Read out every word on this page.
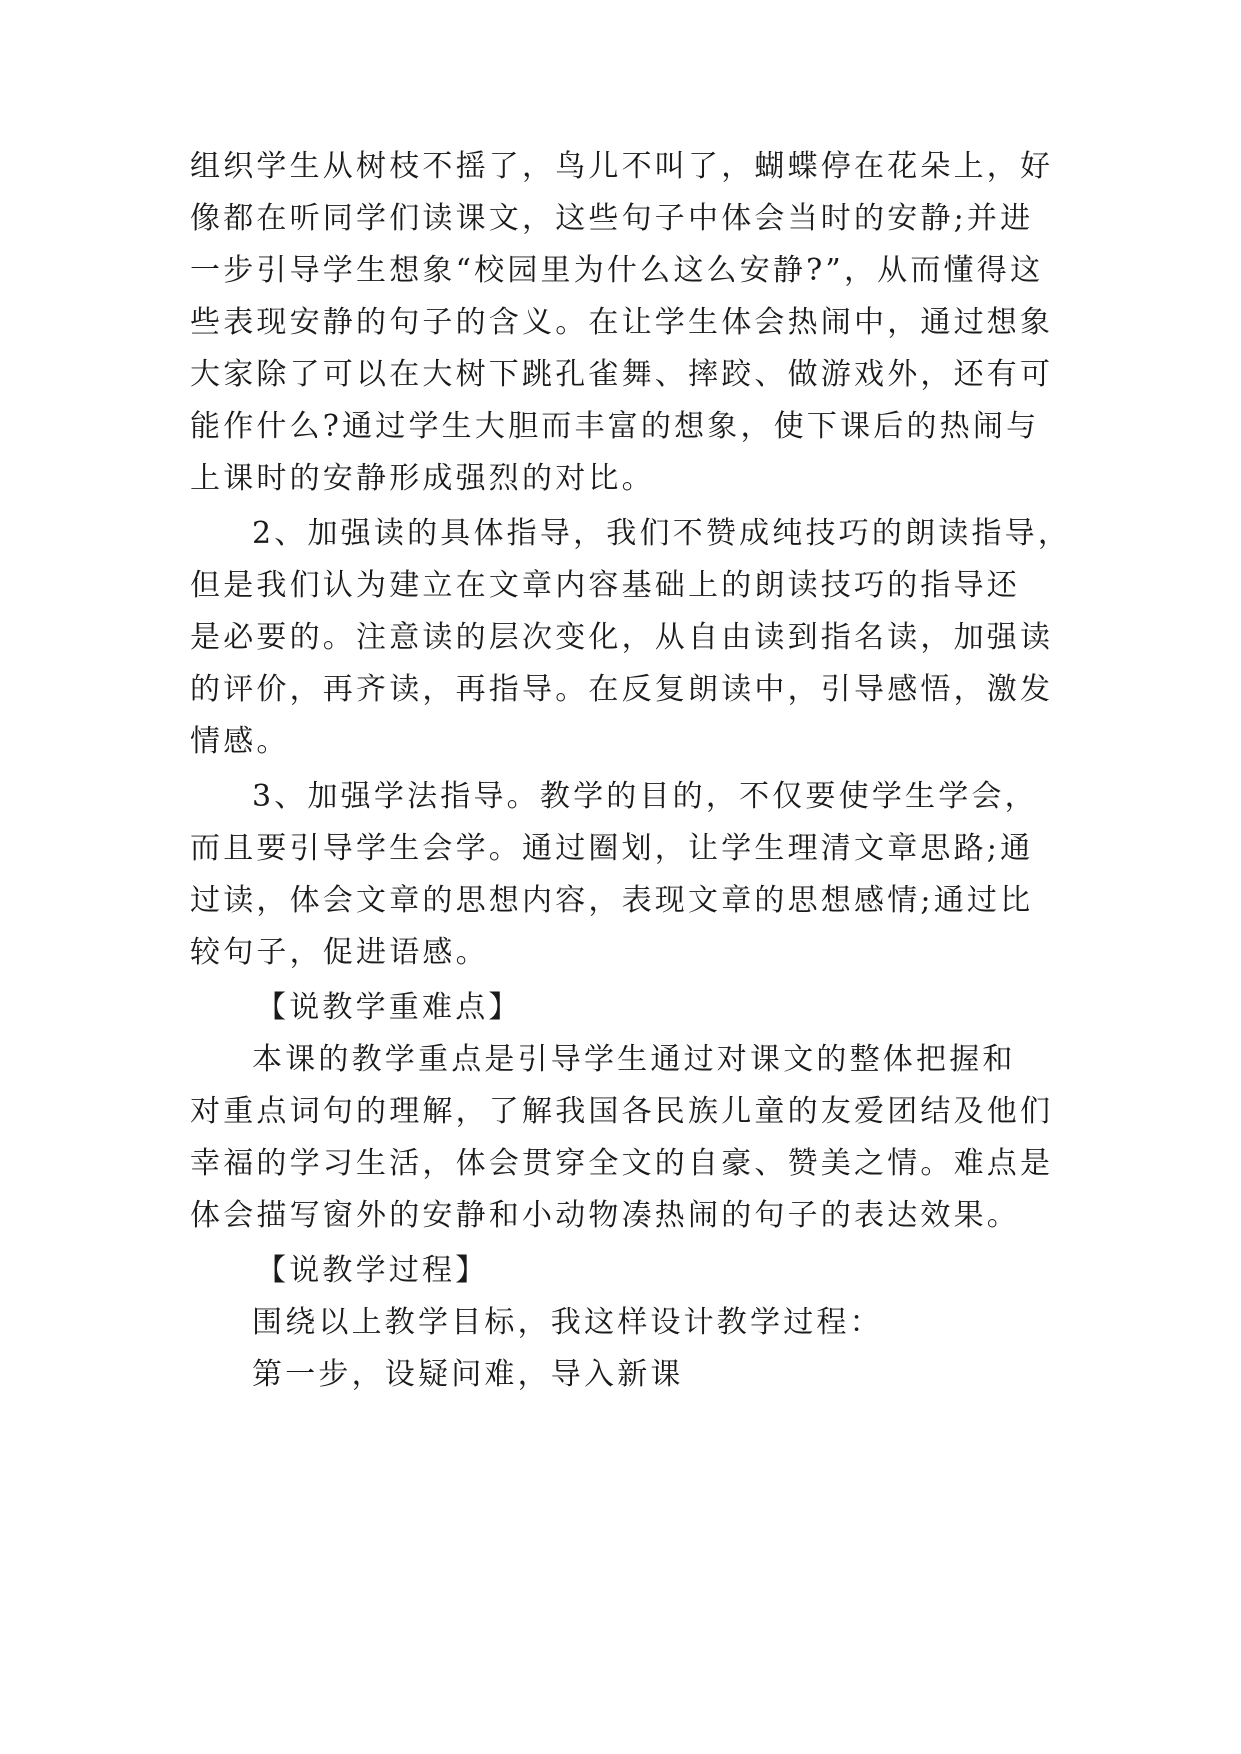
组织学生从树枝不摇了，鸟儿不叫了，蝴蝶停在花朵上，好
像都在听同学们读课文，这些句子中体会当时的安静;并进
一步引导学生想象“校园里为什么这么安静?”，从而懂得这
些表现安静的句子的含义。在让学生体会热闹中，通过想象
大家除了可以在大树下跳孔雀舞、摔跤、做游戏外，还有可
能作什么?通过学生大胆而丰富的想象，使下课后的热闹与
上课时的安静形成强烈的对比。
2、加强读的具体指导，我们不赞成纯技巧的朗读指导，
但是我们认为建立在文章内容基础上的朗读技巧的指导还
是必要的。注意读的层次变化，从自由读到指名读，加强读
的评价，再齐读，再指导。在反复朗读中，引导感悟，激发
情感。
3、加强学法指导。教学的目的，不仅要使学生学会，
而且要引导学生会学。通过圈划，让学生理清文章思路;通
过读，体会文章的思想内容，表现文章的思想感情;通过比
较句子，促进语感。
【说教学重难点】
本课的教学重点是引导学生通过对课文的整体把握和
对重点词句的理解，了解我国各民族儿童的友爱团结及他们
幸福的学习生活，体会贯穿全文的自豪、赞美之情。难点是
体会描写窗外的安静和小动物凑热闹的句子的表达效果。
【说教学过程】
围绕以上教学目标，我这样设计教学过程：
第一步，设疑问难，导入新课
